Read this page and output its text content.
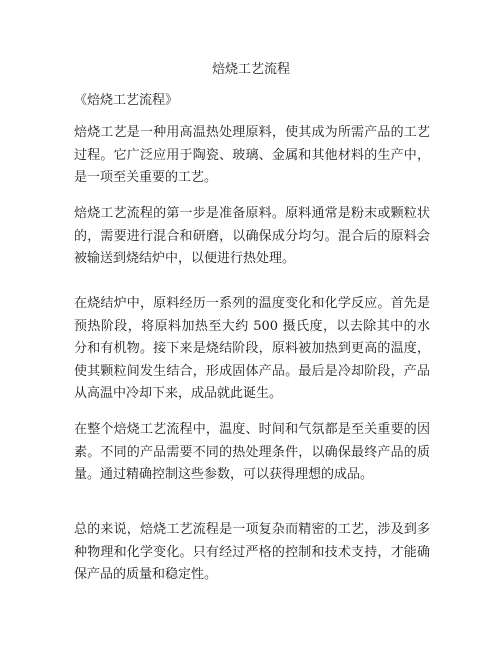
焙烧工艺流程
《焙烧工艺流程》

焙烧工艺是一种用高温热处理原料，使其成为所需产品的工艺过程。它广泛应用于陶瓷、玻璃、金属和其他材料的生产中，是一项至关重要的工艺。

焙烧工艺流程的第一步是准备原料。原料通常是粉末或颗粒状的，需要进行混合和研磨，以确保成分均匀。混合后的原料会被输送到烧结炉中，以便进行热处理。

在烧结炉中，原料经历一系列的温度变化和化学反应。首先是预热阶段，将原料加热至大约 500 摄氏度，以去除其中的水分和有机物。接下来是烧结阶段，原料被加热到更高的温度，使其颗粒间发生结合，形成固体产品。最后是冷却阶段，产品从高温中冷却下来，成品就此诞生。

在整个焙烧工艺流程中，温度、时间和气氛都是至关重要的因素。不同的产品需要不同的热处理条件，以确保最终产品的质量。通过精确控制这些参数，可以获得理想的成品。

总的来说，焙烧工艺流程是一项复杂而精密的工艺，涉及到多种物理和化学变化。只有经过严格的控制和技术支持，才能确保产品的质量和稳定性。
